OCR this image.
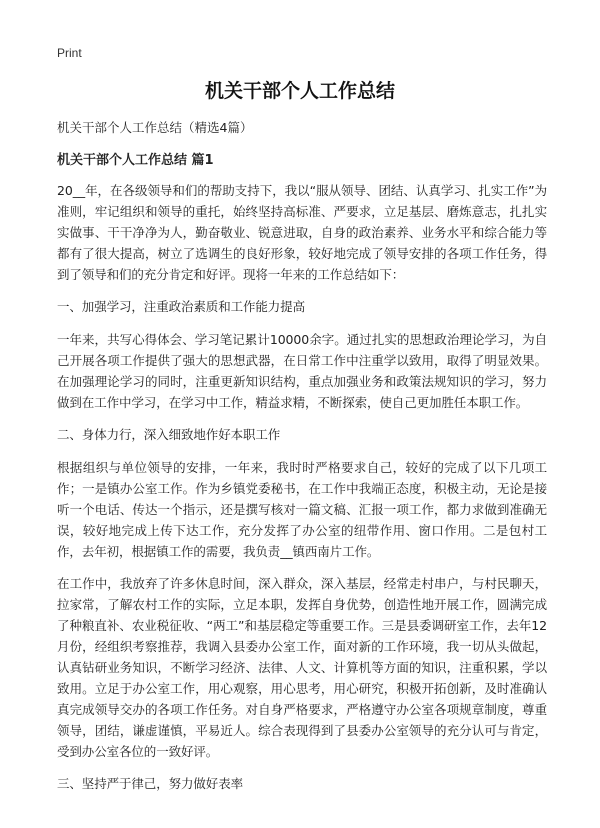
Print
机关干部个人工作总结

机关干部个人工作总结（精选4篇）

机关干部个人工作总结 篇1

20__年，在各级领导和们的帮助支持下，我以“服从领导、团结、认真学习、扎实工作”为准则，牢记组织和领导的重托，始终坚持高标准、严要求，立足基层、磨炼意志，扎扎实实做事、干干净净为人，勤奋敬业、锐意进取，自身的政治素养、业务水平和综合能力等都有了很大提高，树立了选调生的良好形象，较好地完成了领导安排的各项工作任务，得到了领导和们的充分肯定和好评。现将一年来的工作总结如下：

一、加强学习，注重政治素质和工作能力提高

一年来，共写心得体会、学习笔记累计10000余字。通过扎实的思想政治理论学习，为自己开展各项工作提供了强大的思想武器，在日常工作中注重学以致用，取得了明显效果。在加强理论学习的同时，注重更新知识结构，重点加强业务和政策法规知识的学习，努力做到在工作中学习，在学习中工作，精益求精，不断探索，使自己更加胜任本职工作。

二、身体力行，深入细致地作好本职工作

根据组织与单位领导的安排，一年来，我时时严格要求自己，较好的完成了以下几项工作；一是镇办公室工作。作为乡镇党委秘书，在工作中我端正态度，积极主动，无论是接听一个电话、传达一个指示，还是撰写核对一篇文稿、汇报一项工作，都力求做到准确无误，较好地完成上传下达工作，充分发挥了办公室的纽带作用、窗口作用。二是包村工作，去年初，根据镇工作的需要，我负责__镇西南片工作。

在工作中，我放弃了许多休息时间，深入群众，深入基层，经常走村串户，与村民聊天，拉家常，了解农村工作的实际，立足本职，发挥自身优势，创造性地开展工作，圆满完成了种粮直补、农业税征收、“两工”和基层稳定等重要工作。三是县委调研室工作，去年12月份，经组织考察推荐，我调入县委办公室工作，面对新的工作环境，我一切从头做起，认真钻研业务知识，不断学习经济、法律、人文、计算机等方面的知识，注重积累，学以致用。立足于办公室工作，用心观察，用心思考，用心研究，积极开拓创新，及时准确认真完成领导交办的各项工作任务。对自身严格要求，严格遵守办公室各项规章制度，尊重领导，团结，谦虚谨慎，平易近人。综合表现得到了县委办公室领导的充分认可与肯定，受到办公室各位的一致好评。

三、坚持严于律己，努力做好表率
